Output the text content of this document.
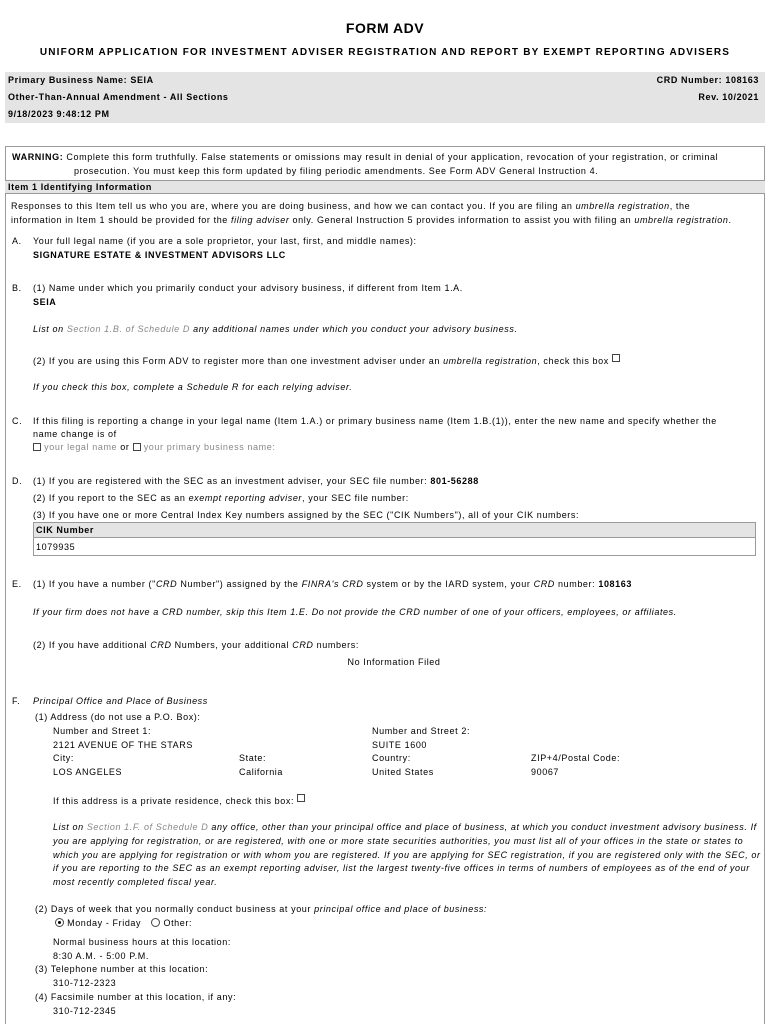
FORM ADV
UNIFORM APPLICATION FOR INVESTMENT ADVISER REGISTRATION AND REPORT BY EXEMPT REPORTING ADVISERS
Primary Business Name: SEIA	CRD Number: 108163
Other-Than-Annual Amendment - All Sections	Rev. 10/2021
9/18/2023 9:48:12 PM
WARNING: Complete this form truthfully. False statements or omissions may result in denial of your application, revocation of your registration, or criminal
prosecution. You must keep this form updated by filing periodic amendments. See Form ADV General Instruction 4.
Item 1 Identifying Information
Responses to this Item tell us who you are, where you are doing business, and how we can contact you. If you are filing an umbrella registration, the
information in Item 1 should be provided for the filing adviser only. General Instruction 5 provides information to assist you with filing an umbrella registration.
A. Your full legal name (if you are a sole proprietor, your last, first, and middle names):
SIGNATURE ESTATE & INVESTMENT ADVISORS LLC
B. (1) Name under which you primarily conduct your advisory business, if different from Item 1.A.
SEIA
List on Section 1.B. of Schedule D any additional names under which you conduct your advisory business.
(2) If you are using this Form ADV to register more than one investment adviser under an umbrella registration, check this box
If you check this box, complete a Schedule R for each relying adviser.
C. If this filing is reporting a change in your legal name (Item 1.A.) or primary business name (Item 1.B.(1)), enter the new name and specify whether the
name change is of
your legal name or your primary business name:
D. (1) If you are registered with the SEC as an investment adviser, your SEC file number: 801-56288
(2) If you report to the SEC as an exempt reporting adviser, your SEC file number:
(3) If you have one or more Central Index Key numbers assigned by the SEC ("CIK Numbers"), all of your CIK numbers:
CIK Number
1079935
E. (1) If you have a number ("CRD Number") assigned by the FINRA's CRD system or by the IARD system, your CRD number: 108163
If your firm does not have a CRD number, skip this Item 1.E. Do not provide the CRD number of one of your officers, employees, or affiliates.
(2) If you have additional CRD Numbers, your additional CRD numbers:
No Information Filed
F. Principal Office and Place of Business
(1) Address (do not use a P.O. Box):
Number and Street 1:
2121 AVENUE OF THE STARS
Number and Street 2:
SUITE 1600
City:
LOS ANGELES
State:
California
Country:
United States
ZIP+4/Postal Code:
90067
If this address is a private residence, check this box:
List on Section 1.F. of Schedule D any office, other than your principal office and place of business, at which you conduct investment advisory business. If
you are applying for registration, or are registered, with one or more state securities authorities, you must list all of your offices in the state or states to
which you are applying for registration or with whom you are registered. If you are applying for SEC registration, if you are registered only with the SEC, or
if you are reporting to the SEC as an exempt reporting adviser, list the largest twenty-five offices in terms of numbers of employees as of the end of your
most recently completed fiscal year.
(2) Days of week that you normally conduct business at your principal office and place of business:
Monday - Friday Other:
Normal business hours at this location:
8:30 A.M. - 5:00 P.M.
(3) Telephone number at this location:
310-712-2323
(4) Facsimile number at this location, if any:
310-712-2345
